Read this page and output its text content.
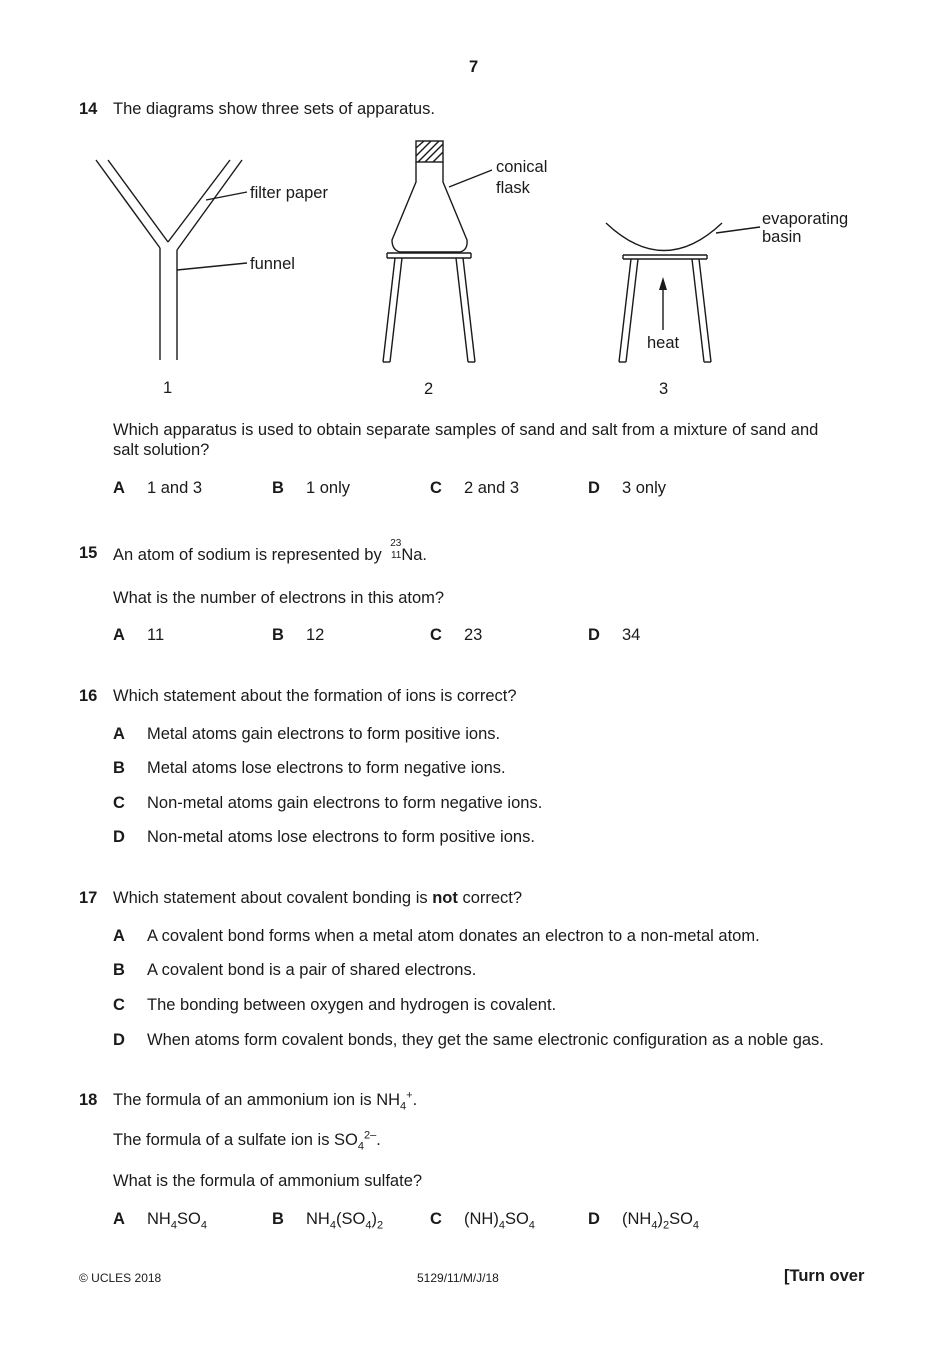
7
14 The diagrams show three sets of apparatus.
filter paper
funnel
conical
flask
evaporating
basin
heat
1	2	3
Which apparatus is used to obtain separate samples of sand and salt from a mixture of sand and
salt solution?
A 1 and 3	B 1 only	C 2 and 3	D 3 only
15 An atom of sodium is represented by
23
11 Na.
What is the number of electrons in this atom?
A 11	B 12	C 23	D 34
16 Which statement about the formation of ions is correct?
A Metal atoms gain electrons to form positive ions.
B Metal atoms lose electrons to form negative ions.
C Non-metal atoms gain electrons to form negative ions.
D Non-metal atoms lose electrons to form positive ions.
17 Which statement about covalent bonding is not correct?
A A covalent bond forms when a metal atom donates an electron to a non-metal atom.
B A covalent bond is a pair of shared electrons.
C The bonding between oxygen and hydrogen is covalent.
D When atoms form covalent bonds, they get the same electronic configuration as a noble gas.
18 The formula of an ammonium ion is $NH_4^+$.
The formula of a sulfate ion is $SO_4^{2-}$.
What is the formula of ammonium sulfate?
A $NH_4SO_4$	B $NH_4(SO_4)_2$	C $(NH)_4SO_4$	D $(NH_4)_2SO_4$
© UCLES 2018	5129/11/M/J/18	[Turn over
